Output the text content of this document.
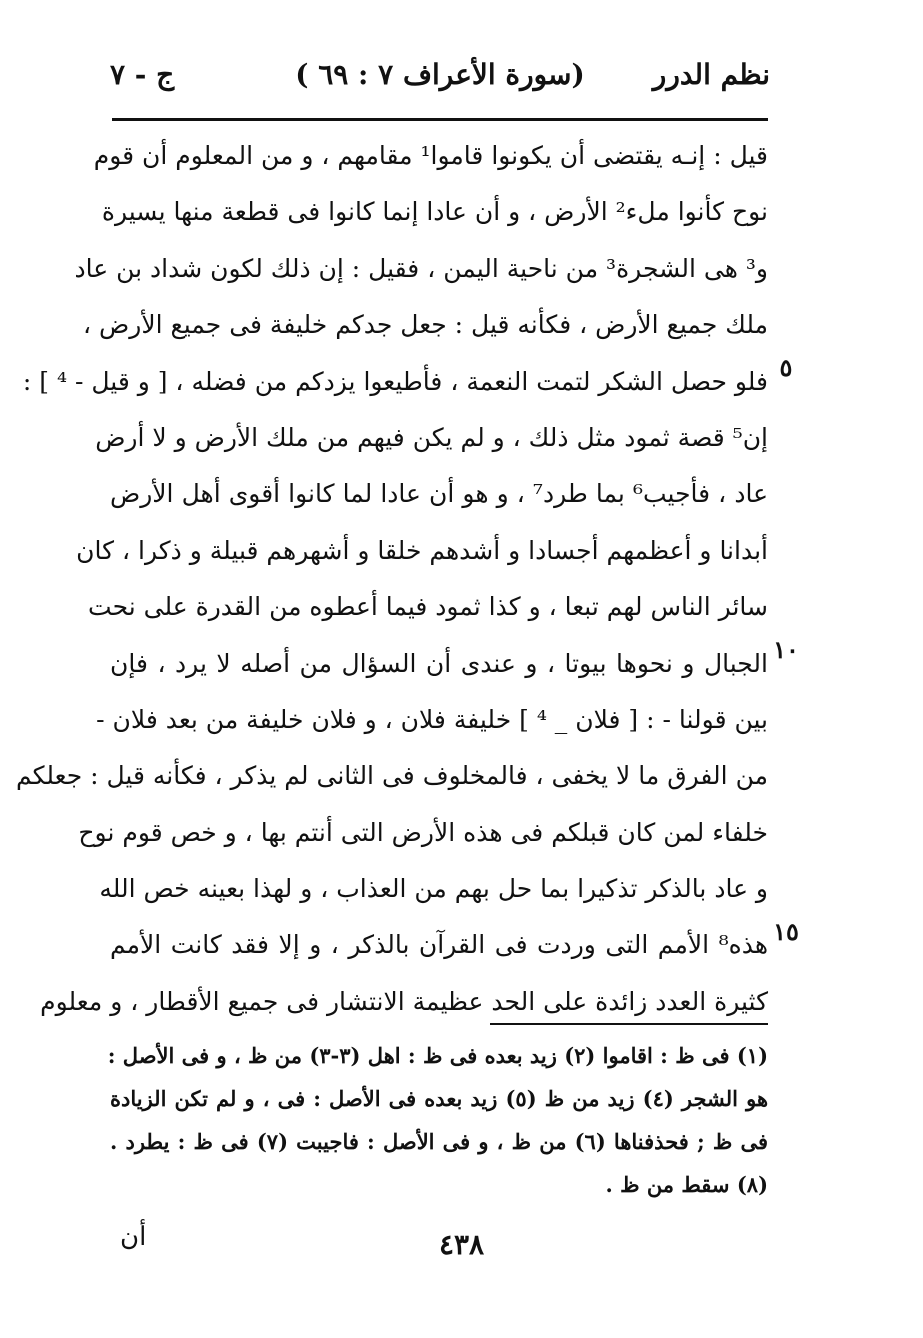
نظم الدرر
(سورة الأعراف ٧ : ٦٩ )
ج - ٧
قيل : إنـه يقتضى أن يكونوا قاموا¹ مقامهم ، و من المعلوم أن قوم
نوح كأنوا ملء² الأرض ، و أن عادا إنما كانوا فى قطعة منها يسيرة
و³ هى الشجرة³ من ناحية اليمن ، فقيل : إن ذلك لكون شداد بن عاد
ملك جميع الأرض ، فكأنه قيل : جعل جدكم خليفة فى جميع الأرض ،
فلو حصل الشكر لتمت النعمة ، فأطيعوا يزدكم من فضله ، [ و قيل - ⁴ ] :
إن⁵ قصة ثمود مثل ذلك ، و لم يكن فيهم من ملك الأرض و لا أرض
عاد ، فأجيب⁶ بما طرد⁷ ، و هو أن عادا لما كانوا أقوى أهل الأرض
أبدانا و أعظمهم أجسادا و أشدهم خلقا و أشهرهم قبيلة و ذكرا ، كان
سائر الناس لهم تبعا ، و كذا ثمود فيما أعطوه من القدرة على نحت
الجبال و نحوها بيوتا ، و عندى أن السؤال من أصله لا يرد ، فإن
بين قولنا - : [ فلان _ ⁴ ] خليفة فلان ، و فلان خليفة من بعد فلان -
من الفرق ما لا يخفى ، فالمخلوف فى الثانى لم يذكر ، فكأنه قيل : جعلكم
خلفاء لمن كان قبلكم فى هذه الأرض التى أنتم بها ، و خص قوم نوح
و عاد بالذكر تذكيرا بما حل بهم من العذاب ، و لهذا بعينه خص الله
هذه⁸ الأمم التى وردت فى القرآن بالذكر ، و إلا فقد كانت الأمم
كثيرة العدد زائدة على الحد عظيمة الانتشار فى جميع الأقطار ، و معلوم
٥
١٠
١٥
(١) فى ظ : اقاموا (٢) زيد بعده فى ظ : اهل (٣-٣) من ظ ، و فى الأصل :
هو الشجر (٤) زيد من ظ (٥) زيد بعده فى الأصل : فى ، و لم تكن الزيادة
فى ظ ; فحذفناها (٦) من ظ ، و فى الأصل : فاجيبت (٧) فى ظ : يطرد .
(٨) سقط من ظ .
أن	٤٣٨
